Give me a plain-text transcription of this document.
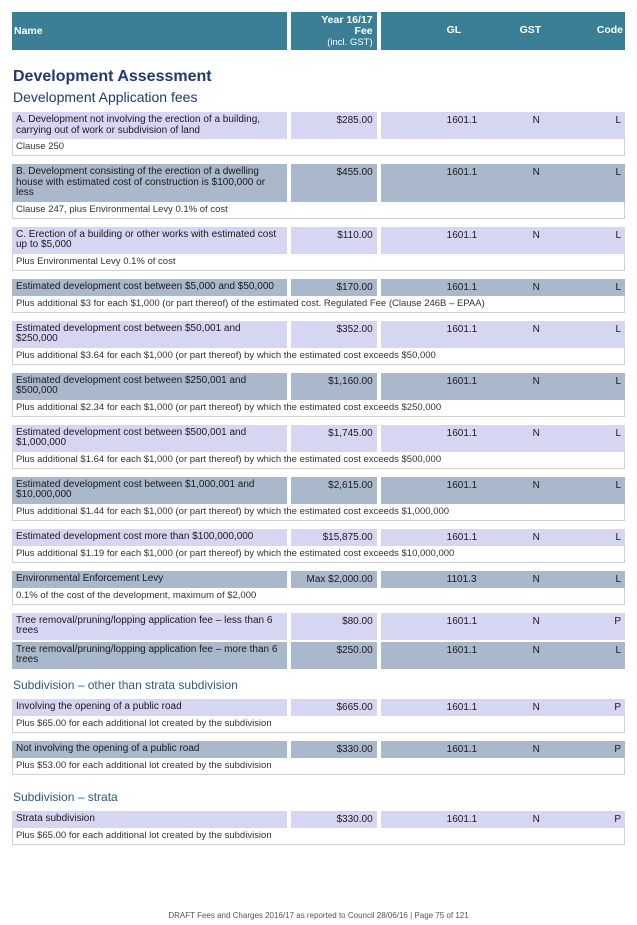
Name
Year 16/17
Fee
(incl. GST)
GL	GST	Code
Development Assessment
Development Application fees
A. Development not involving the erection of a building, carrying out of work or subdivision of land
$285.00	1601.1	N	L
Clause 250
B. Development consisting of the erection of a dwelling house with estimated cost of construction is $100,000 or less
$455.00	1601.1	N	L
Clause 247, plus Environmental Levy 0.1% of cost
C. Erection of a building or other works with estimated cost up to $5,000
$110.00	1601.1	N	L
Plus Environmental Levy 0.1% of cost
Estimated development cost between $5,000 and $50,000	$170.00	1601.1	N	L
Plus additional $3 for each $1,000 (or part thereof) of the estimated cost. Regulated Fee (Clause 246B – EPAA)
Estimated development cost between $50,001 and $250,000
$352.00	1601.1	N	L
Plus additional $3.64 for each $1,000 (or part thereof) by which the estimated cost exceeds $50,000
Estimated development cost between $250,001 and $500,000
$1,160.00	1601.1	N	L
Plus additional $2.34 for each $1,000 (or part thereof) by which the estimated cost exceeds $250,000
Estimated development cost between $500,001 and $1,000,000
$1,745.00	1601.1	N	L
Plus additional $1.64 for each $1,000 (or part thereof) by which the estimated cost exceeds $500,000
Estimated development cost between $1,000,001 and $10,000,000
$2,615.00	1601.1	N	L
Plus additional $1.44 for each $1,000 (or part thereof) by which the estimated cost exceeds $1,000,000
Estimated development cost more than $100,000,000	$15,875.00	1601.1	N	L
Plus additional $1.19 for each $1,000 (or part thereof) by which the estimated cost exceeds $10,000,000
Environmental Enforcement Levy	Max $2,000.00	1101.3	N	L
0.1% of the cost of the development, maximum of $2,000
Tree removal/pruning/lopping application fee – less than 6 trees
$80.00	1601.1	N	P
Tree removal/pruning/lopping application fee – more than 6 trees
$250.00	1601.1	N	L
Subdivision – other than strata subdivision
Involving the opening of a public road	$665.00	1601.1	N	P
Plus $65.00 for each additional lot created by the subdivision
Not involving the opening of a public road	$330.00	1601.1	N	P
Plus $53.00 for each additional lot created by the subdivision
Subdivision – strata
Strata subdivision	$330.00	1601.1	N	P
Plus $65.00 for each additional lot created by the subdivision
DRAFT Fees and Charges 2016/17 as reported to Council 28/06/16 | Page 75 of 121
